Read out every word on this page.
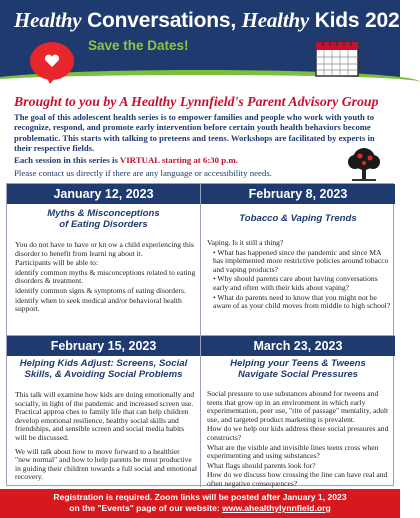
Healthy Conversations, Healthy Kids 2023
Save the Dates!
Brought to you by A Healthy Lynnfield's Parent Advisory Group
The goal of this adolescent health series is to empower families and people who work with youth to recognize, respond, and promote early intervention before certain youth health behaviors become problematic. This starts with talking to preteens and teens. Workshops are facilitated by experts in their respective fields.
Each session in this series is VIRTUAL starting at 6:30 p.m.
Please contact us directly if there are any language or accessibility needs.
January 12, 2023
Myths & Misconceptions
of Eating Disorders

You do not have to have or kn ow a child experiencing this disorder to benefit from learni ng about it.

Participants will be able to:

identify common myths & misconceptions related to eating disorders & treatment.

identify common signs & symptoms of eating disorders.

identify when to seek medical and/or behavioral health support.

February 8, 2023
Tobacco & Vaping Trends

Vaping. Is it still a thing?

• What has happened since the pandemic and since MA has implemented more restrictive policies around tobacco and vaping products?

• Why should parents care about having conversations early and often with their kids about vaping?

• What do parents need to know that you might not be aware of as your child moves from middle to high school?

February 15, 2023
Helping Kids Adjust: Screens, Social
Skills, & Avoiding Social Problems

This talk will examine how kids are doing emotionally and socially, in light of the pandemic and increased screen use. Practical approa ches to family life that can help children develop emotional resilience, healthy social skills and friendships, and sensible screen and social media habits will be discussed.

We will talk about how to move forward to a healthier "new normal" and how to help parents be most productive in guiding their children towards a full social and emotional recovery.

March 23, 2023
Helping your Teens & Tweens
Navigate Social Pressures

Social pressure to use substances abound for tweens and teens that grow up in an environment in which early experimentation, peer use, "rite of passage" mentality, adult use, and targeted product marketing is prevalent.

How do we help our kids address these social pressures and constructs?

What are the visible and invisible lines teens cross when experimenting and using substances?

What flags should parents look for?

How do we discuss how crossing the line can have real and often negative consequences?

Registration is required. Zoom links will be posted after January 1, 2023
on the "Events" page of our website: www.ahealthylynnfield.org
